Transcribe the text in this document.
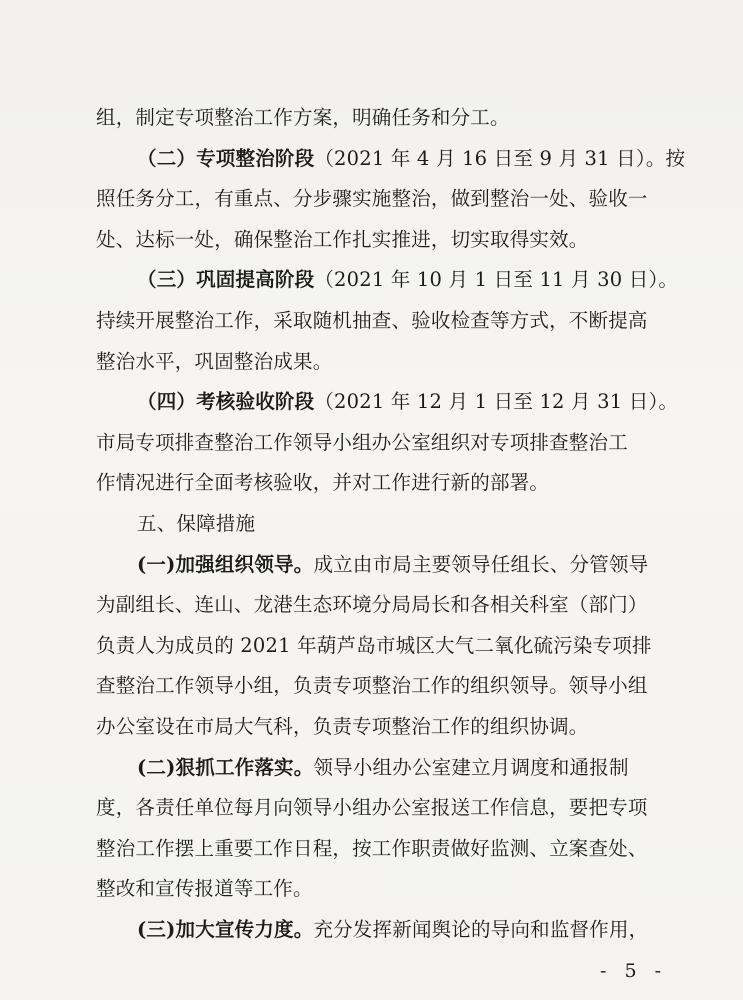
组，制定专项整治工作方案，明确任务和分工。
（二）专项整治阶段（2021 年 4 月 16 日至 9 月 31 日）。按
照任务分工，有重点、分步骤实施整治，做到整治一处、验收一
处、达标一处，确保整治工作扎实推进，切实取得实效。
（三）巩固提高阶段（2021 年 10 月 1 日至 11 月 30 日）。
持续开展整治工作，采取随机抽查、验收检查等方式，不断提高
整治水平，巩固整治成果。
（四）考核验收阶段（2021 年 12 月 1 日至 12 月 31 日）。
市局专项排查整治工作领导小组办公室组织对专项排查整治工
作情况进行全面考核验收，并对工作进行新的部署。
五、保障措施
(一)加强组织领导。成立由市局主要领导任组长、分管领导
为副组长、连山、龙港生态环境分局局长和各相关科室（部门）
负责人为成员的 2021 年葫芦岛市城区大气二氧化硫污染专项排
查整治工作领导小组，负责专项整治工作的组织领导。领导小组
办公室设在市局大气科，负责专项整治工作的组织协调。
(二)狠抓工作落实。领导小组办公室建立月调度和通报制
度，各责任单位每月向领导小组办公室报送工作信息，要把专项
整治工作摆上重要工作日程，按工作职责做好监测、立案查处、
整改和宣传报道等工作。
(三)加大宣传力度。充分发挥新闻舆论的导向和监督作用，
- 5 -
